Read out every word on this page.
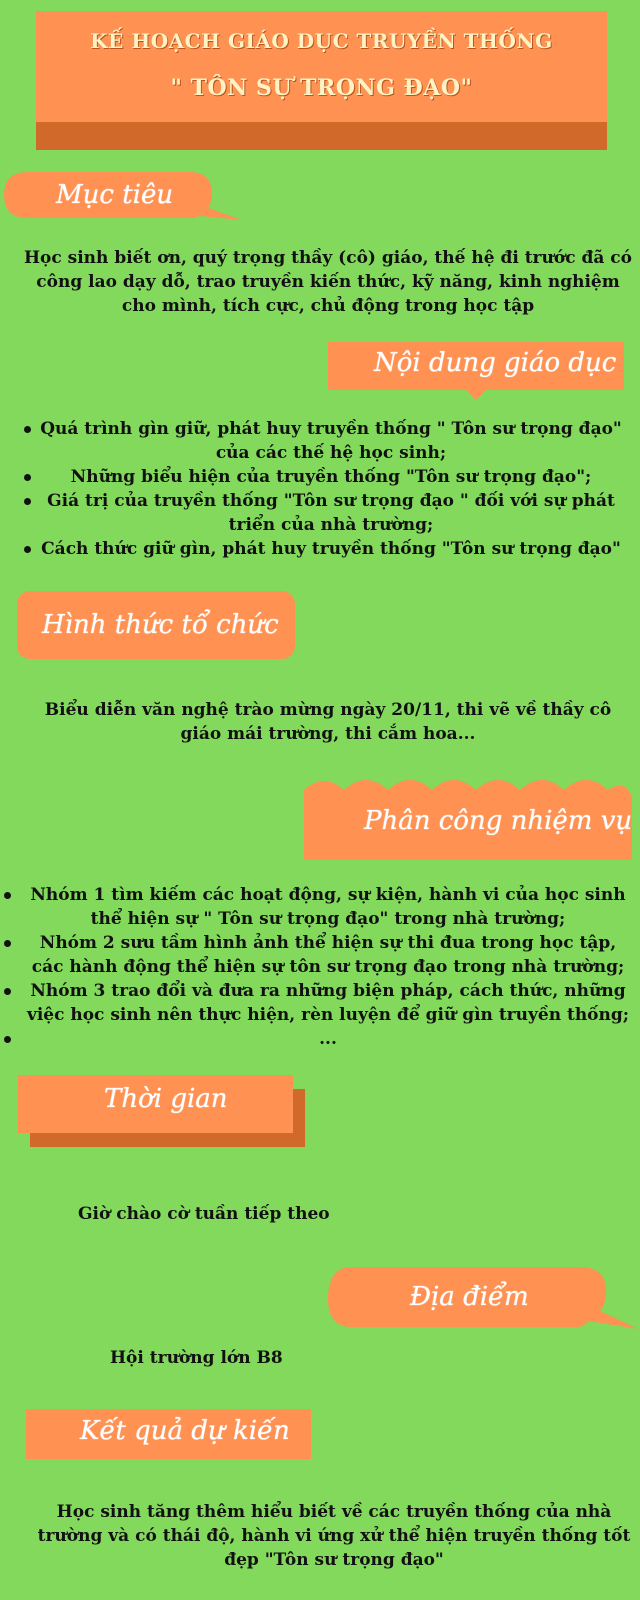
KẾ HOẠCH GIÁO DỤC TRUYỀN THỐNG
" TÔN SỰ TRỌNG ĐẠO"
Mục tiêu
Học sinh biết ơn, quý trọng thầy (cô) giáo, thế hệ đi trước đã có công lao dạy dỗ, trao truyền kiến thức, kỹ năng, kinh nghiệm cho mình, tích cực, chủ động trong học tập
Nội dung giáo dục
Quá trình gìn giữ, phát huy truyền thống " Tôn sư trọng đạo" của các thế hệ học sinh;
Những biểu hiện của truyền thống "Tôn sư trọng đạo";
Giá trị của truyền thống "Tôn sư trọng đạo " đối với sự phát triển của nhà trường;
Cách thức giữ gìn, phát huy truyền thống "Tôn sư trọng đạo"
Hình thức tổ chức
Biểu diễn văn nghệ trào mừng ngày 20/11, thi vẽ về thầy cô giáo mái trường, thi cắm hoa...
Phân công nhiệm vụ
Nhóm 1 tìm kiếm các hoạt động, sự kiện, hành vi của học sinh thể hiện sự " Tôn sư trọng đạo" trong nhà trường;
Nhóm 2 sưu tầm hình ảnh thể hiện sự thi đua trong học tập, các hành động thể hiện sự tôn sư trọng đạo trong nhà trường;
Nhóm 3 trao đổi và đưa ra những biện pháp, cách thức, những việc học sinh nên thực hiện, rèn luyện để giữ gìn truyền thống;
...
Thời gian
Giờ chào cờ tuần tiếp theo
Địa điểm
Hội trường lớn B8
Kết quả dự kiến
Học sinh tăng thêm hiểu biết về các truyền thống của nhà trường và có thái độ, hành vi ứng xử thể hiện truyền thống tốt đẹp "Tôn sư trọng đạo"
